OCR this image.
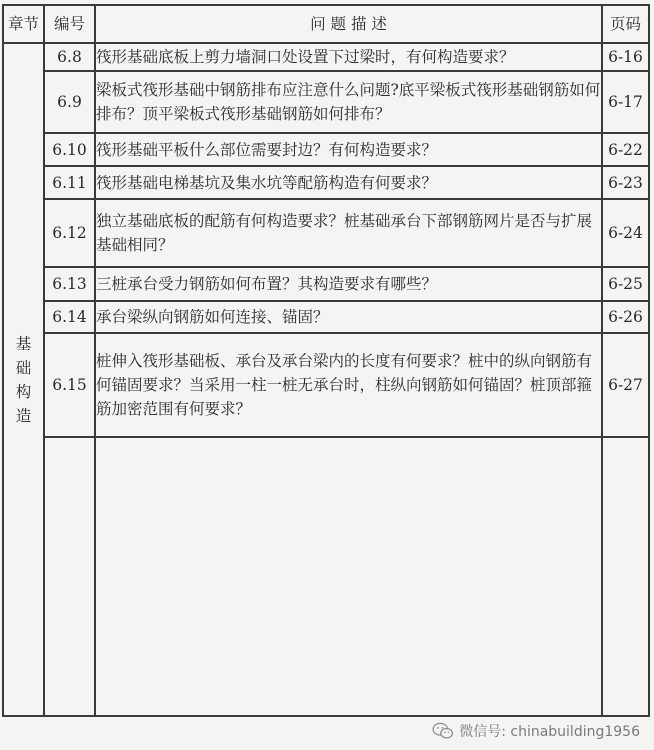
章节	编号	问 题 描 述	页码
基础构造	6.8	筏形基础底板上剪力墙洞口处设置下过梁时，有何构造要求？	6-16
	6.9	梁板式筏形基础中钢筋排布应注意什么问题?底平梁板式筏形基础钢筋如何排布？顶平梁板式筏形基础钢筋如何排布？	6-17
	6.10	筏形基础平板什么部位需要封边？有何构造要求？	6-22
	6.11	筏形基础电梯基坑及集水坑等配筋构造有何要求？	6-23
	6.12	独立基础底板的配筋有何构造要求？桩基础承台下部钢筋网片是否与扩展基础相同？	6-24
	6.13	三桩承台受力钢筋如何布置？其构造要求有哪些？	6-25
	6.14	承台梁纵向钢筋如何连接、锚固？	6-26
	6.15	桩伸入筏形基础板、承台及承台梁内的长度有何要求？桩中的纵向钢筋有何锚固要求？当采用一柱一桩无承台时，柱纵向钢筋如何锚固？桩顶部箍筋加密范围有何要求？	6-27

微信号: chinabuilding1956
